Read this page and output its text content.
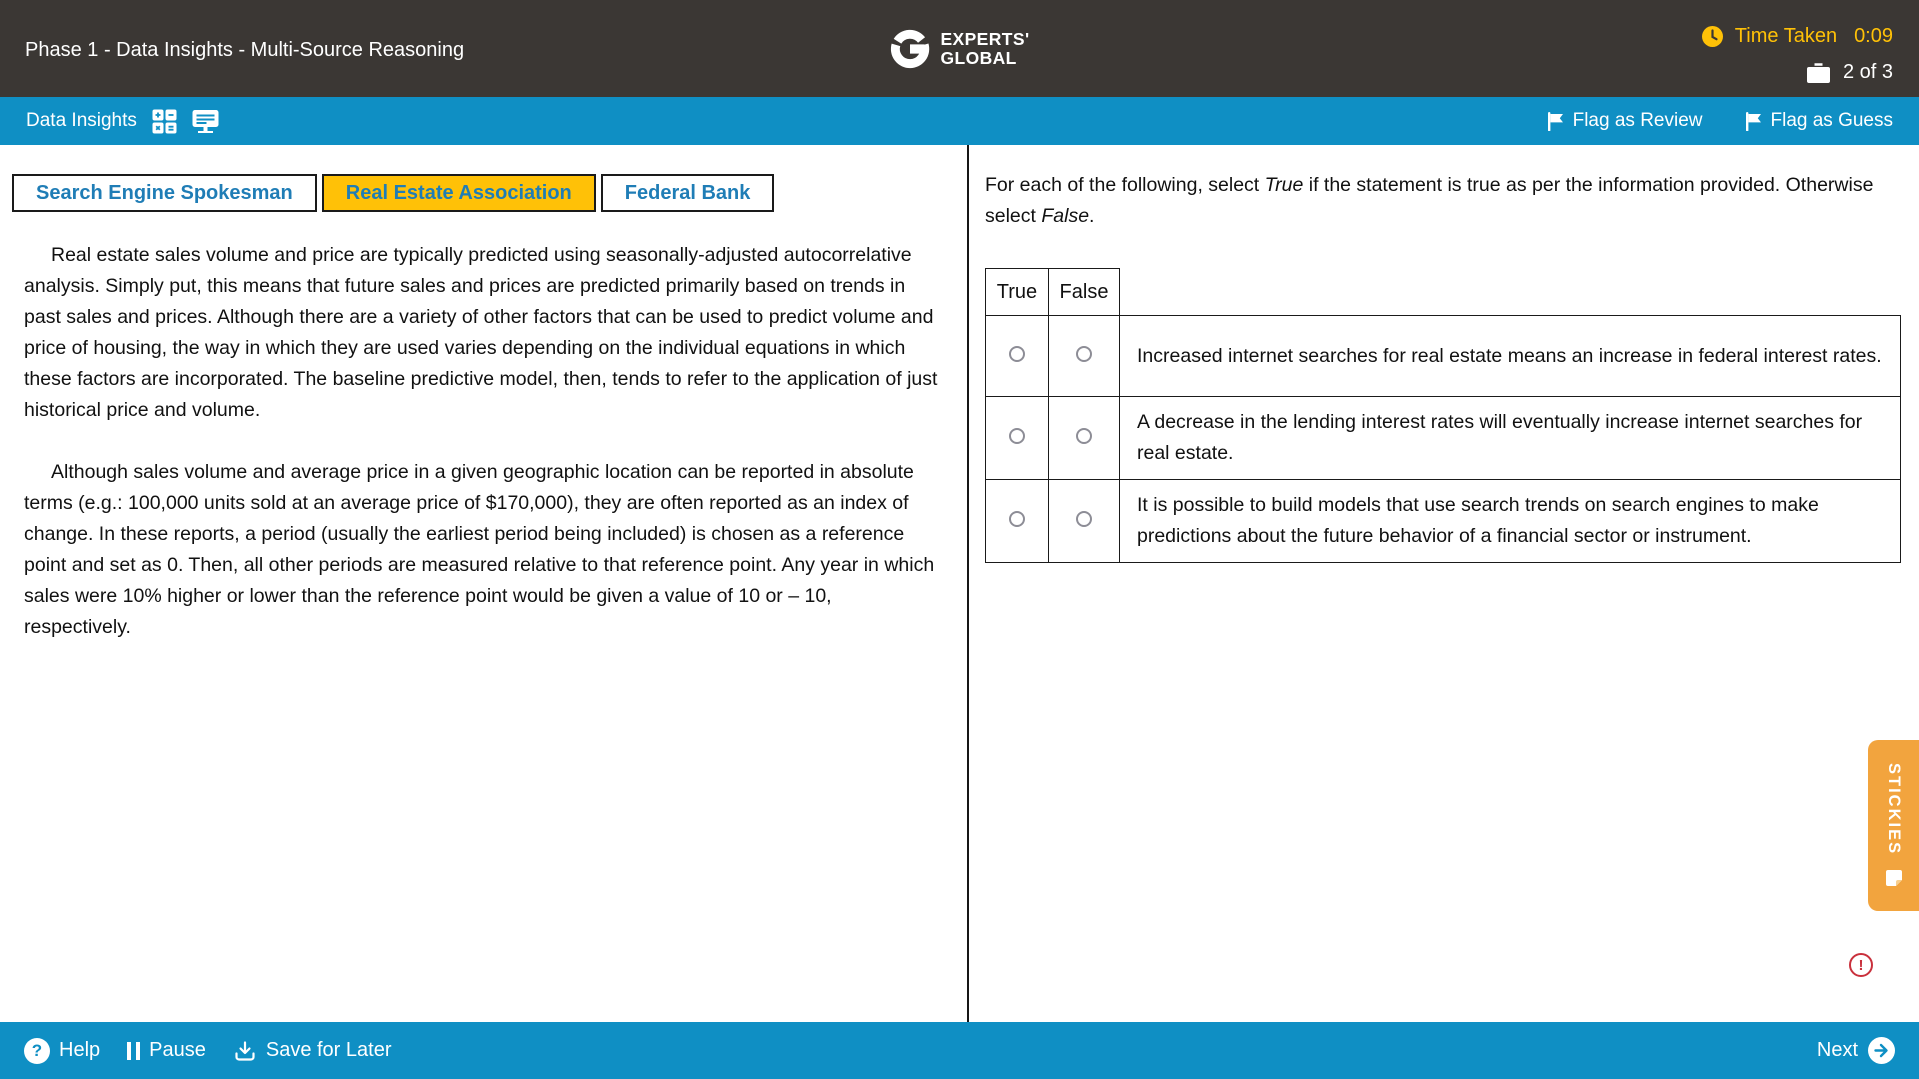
Phase 1 - Data Insights - Multi-Source Reasoning
EXPERTS'
GLOBAL
Time Taken 0:09
2 of 3
Data Insights	Flag as Review	Flag as Guess
Search Engine Spokesman	Real Estate Association	Federal Bank

Real estate sales volume and price are typically predicted using seasonally-adjusted autocorrelative analysis. Simply put, this means that future sales and prices are predicted primarily based on trends in past sales and prices. Although there are a variety of other factors that can be used to predict volume and price of housing, the way in which they are used varies depending on the individual equations in which these factors are incorporated. The baseline predictive model, then, tends to refer to the application of just historical price and volume.

Although sales volume and average price in a given geographic location can be reported in absolute terms (e.g.: 100,000 units sold at an average price of $170,000), they are often reported as an index of change. In these reports, a period (usually the earliest period being included) is chosen as a reference point and set as 0. Then, all other periods are measured relative to that reference point. Any year in which sales were 10% higher or lower than the reference point would be given a value of 10 or – 10, respectively.

For each of the following, select True if the statement is true as per the information provided. Otherwise select False.
True	False	
		Increased internet searches for real estate means an increase in federal interest rates.
		A decrease in the lending interest rates will eventually increase internet searches for real estate.
		It is possible to build models that use search trends on search engines to make predictions about the future behavior of a financial sector or instrument.
STICKIES
!
? Help Pause	Save for Later	Next
